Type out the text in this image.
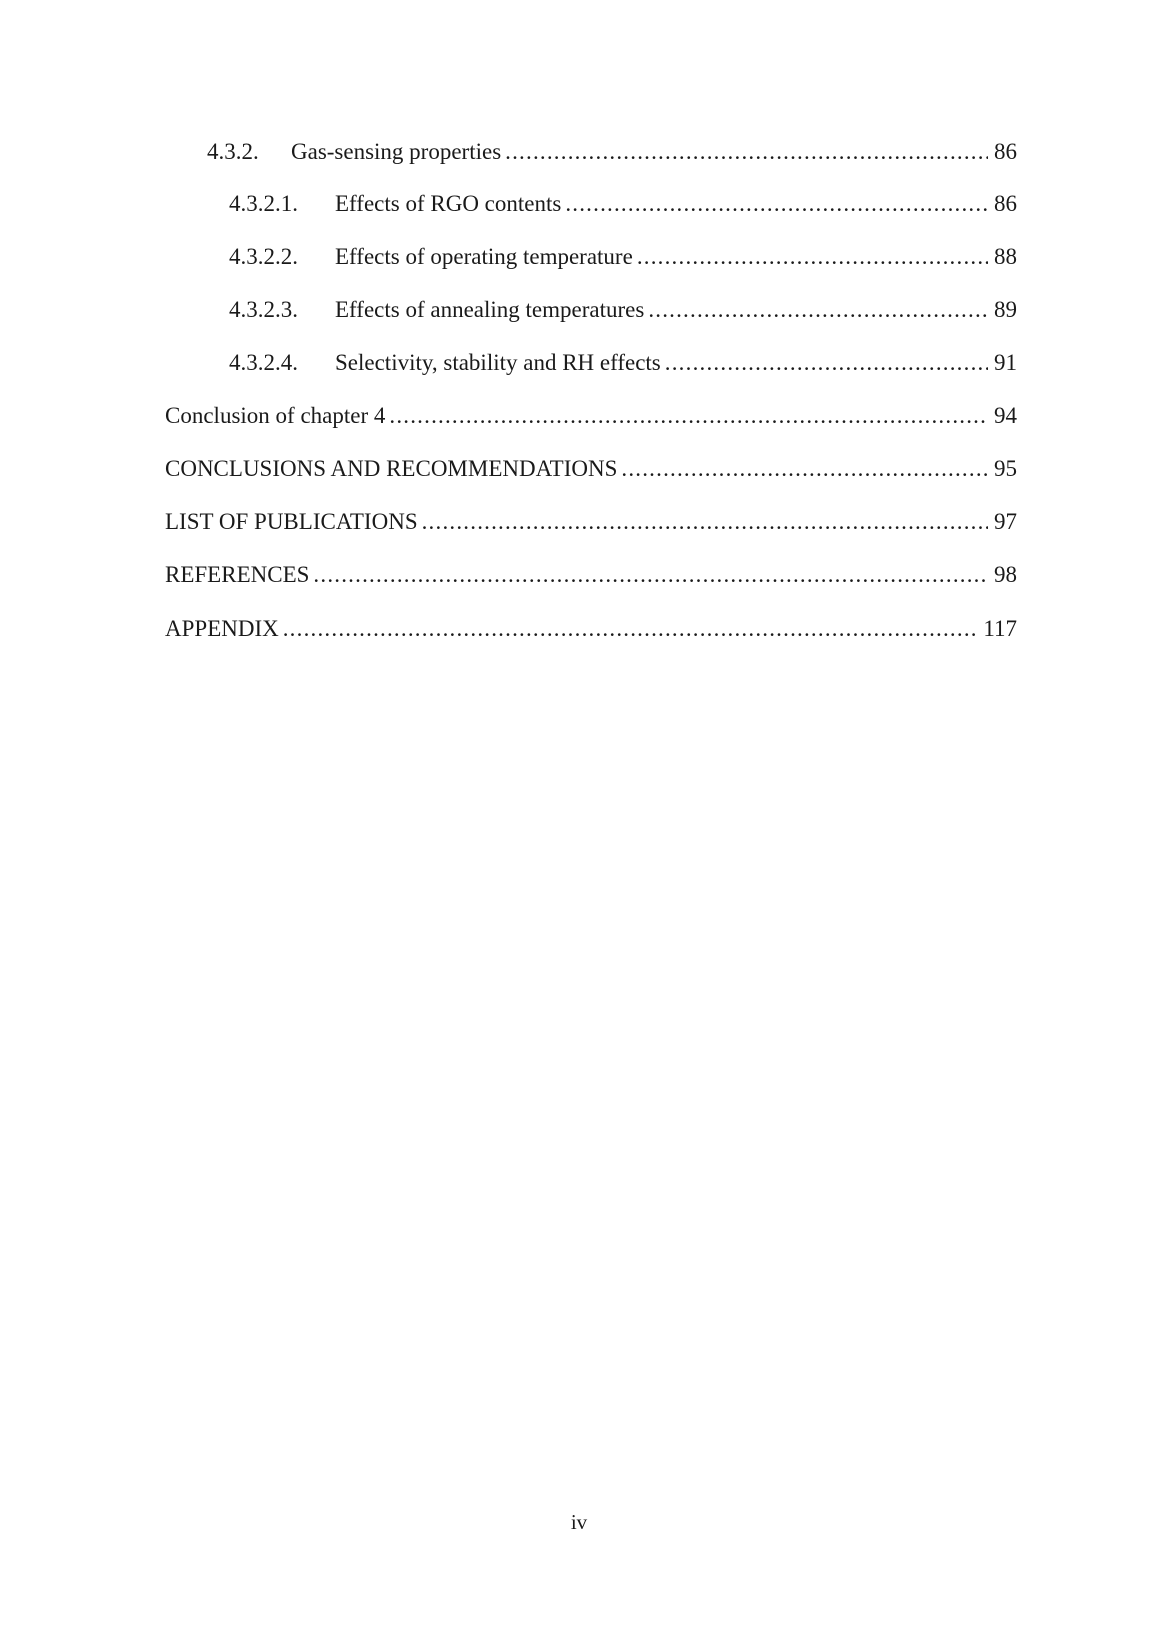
4.3.2. Gas-sensing properties .....	86
4.3.2.1. Effects of RGO contents .....	86
4.3.2.2. Effects of operating temperature .....	88
4.3.2.3. Effects of annealing temperatures .....	89
4.3.2.4. Selectivity, stability and RH effects .....	91
Conclusion of chapter 4 .....	94
CONCLUSIONS AND RECOMMENDATIONS .....	95
LIST OF PUBLICATIONS .....	97
REFERENCES .....	98
APPENDIX .....	117
iv
